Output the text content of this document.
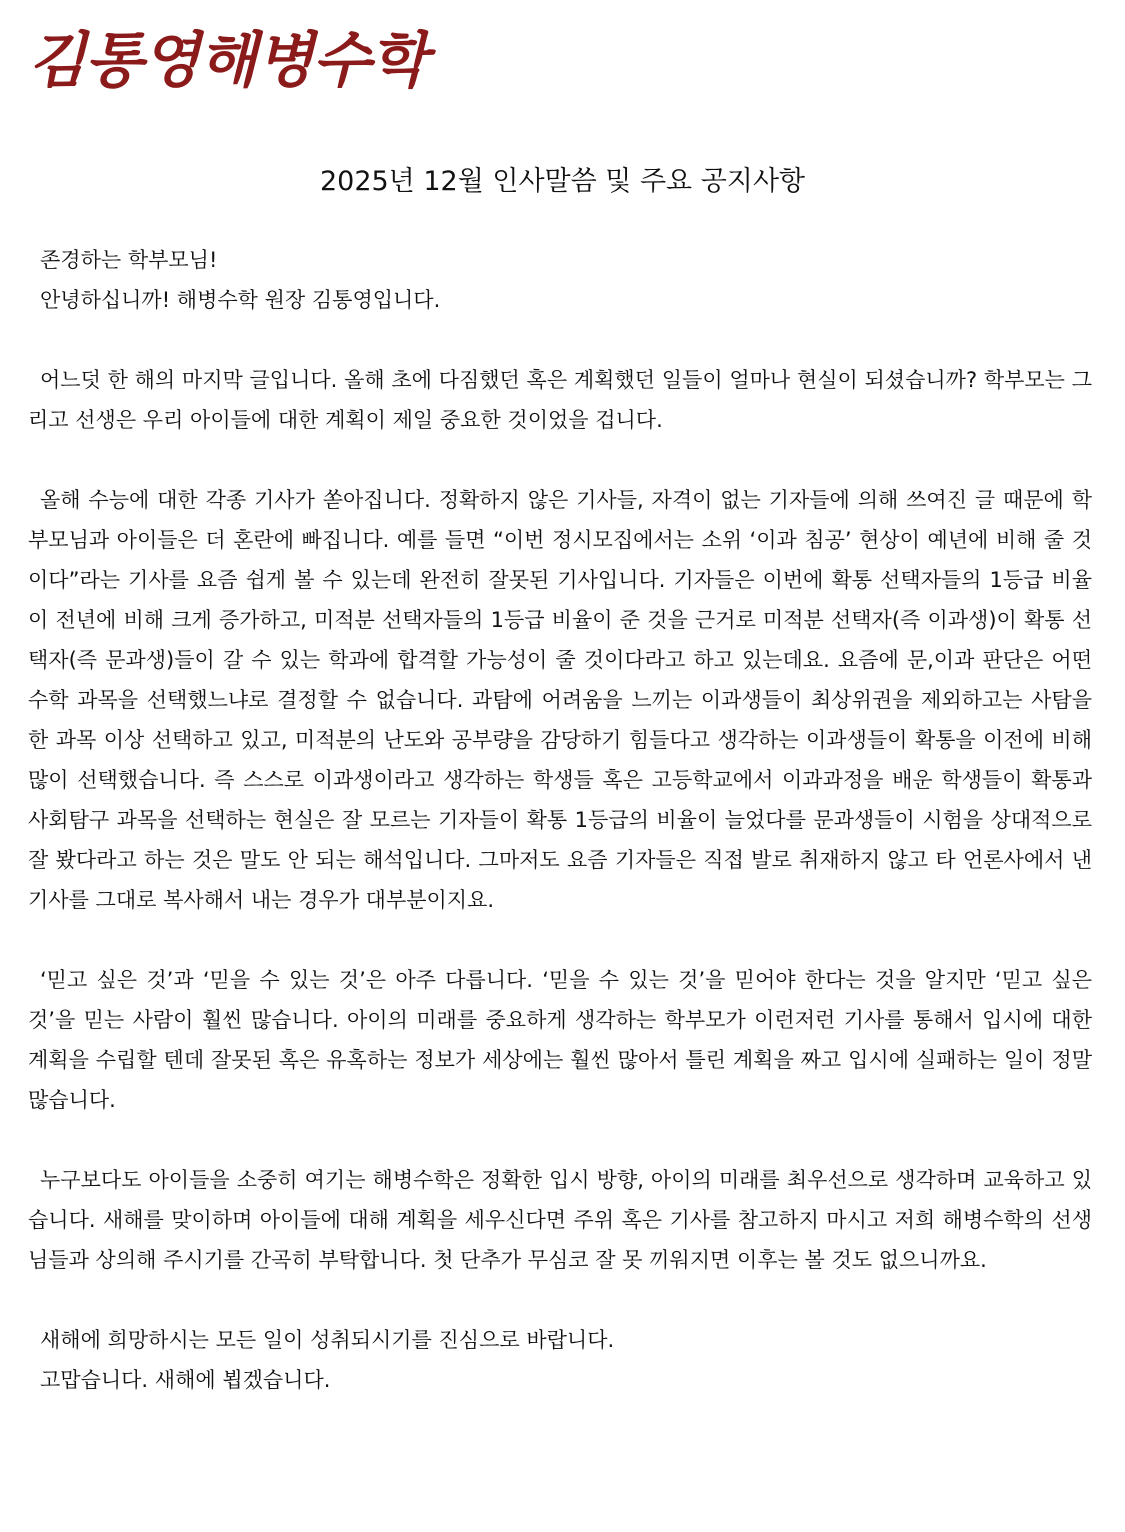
김통영해병수학
2025년 12월 인사말씀 및 주요 공지사항

존경하는 학부모님!

안녕하십니까! 해병수학 원장 김통영입니다.

어느덧 한 해의 마지막 글입니다. 올해 초에 다짐했던 혹은 계획했던 일들이 얼마나 현실이 되셨습니까? 학부모는 그리고 선생은 우리 아이들에 대한 계획이 제일 중요한 것이었을 겁니다.

올해 수능에 대한 각종 기사가 쏟아집니다. 정확하지 않은 기사들, 자격이 없는 기자들에 의해 쓰여진 글 때문에 학부모님과 아이들은 더 혼란에 빠집니다. 예를 들면 “이번 정시모집에서는 소위 ‘이과 침공’ 현상이 예년에 비해 줄 것이다”라는 기사를 요즘 쉽게 볼 수 있는데 완전히 잘못된 기사입니다. 기자들은 이번에 확통 선택자들의 1등급 비율이 전년에 비해 크게 증가하고, 미적분 선택자들의 1등급 비율이 준 것을 근거로 미적분 선택자(즉 이과생)이 확통 선택자(즉 문과생)들이 갈 수 있는 학과에 합격할 가능성이 줄 것이다라고 하고 있는데요. 요즘에 문,이과 판단은 어떤 수학 과목을 선택했느냐로 결정할 수 없습니다. 과탐에 어려움을 느끼는 이과생들이 최상위권을 제외하고는 사탐을 한 과목 이상 선택하고 있고, 미적분의 난도와 공부량을 감당하기 힘들다고 생각하는 이과생들이 확통을 이전에 비해 많이 선택했습니다. 즉 스스로 이과생이라고 생각하는 학생들 혹은 고등학교에서 이과과정을 배운 학생들이 확통과 사회탐구 과목을 선택하는 현실은 잘 모르는 기자들이 확통 1등급의 비율이 늘었다를 문과생들이 시험을 상대적으로 잘 봤다라고 하는 것은 말도 안 되는 해석입니다. 그마저도 요즘 기자들은 직접 발로 취재하지 않고 타 언론사에서 낸 기사를 그대로 복사해서 내는 경우가 대부분이지요.

‘믿고 싶은 것’과 ‘믿을 수 있는 것’은 아주 다릅니다. ‘믿을 수 있는 것’을 믿어야 한다는 것을 알지만 ‘믿고 싶은 것’을 믿는 사람이 훨씬 많습니다. 아이의 미래를 중요하게 생각하는 학부모가 이런저런 기사를 통해서 입시에 대한 계획을 수립할 텐데 잘못된 혹은 유혹하는 정보가 세상에는 훨씬 많아서 틀린 계획을 짜고 입시에 실패하는 일이 정말 많습니다.

누구보다도 아이들을 소중히 여기는 해병수학은 정확한 입시 방향, 아이의 미래를 최우선으로 생각하며 교육하고 있습니다. 새해를 맞이하며 아이들에 대해 계획을 세우신다면 주위 혹은 기사를 참고하지 마시고 저희 해병수학의 선생님들과 상의해 주시기를 간곡히 부탁합니다. 첫 단추가 무심코 잘 못 끼워지면 이후는 볼 것도 없으니까요.

새해에 희망하시는 모든 일이 성취되시기를 진심으로 바랍니다.

고맙습니다. 새해에 뵙겠습니다.
